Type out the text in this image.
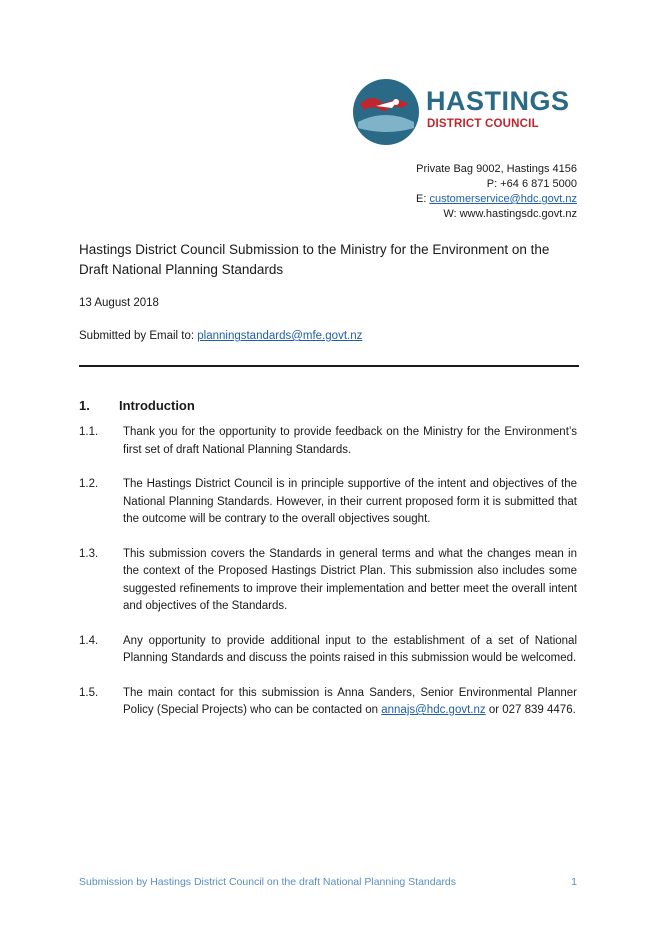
HASTINGS
DISTRICT COUNCIL
Private Bag 9002, Hastings 4156
P: +64 6 871 5000
E: customerservice@hdc.govt.nz
W: www.hastingsdc.govt.nz
Hastings District Council Submission to the Ministry for the Environment on the Draft National Planning Standards
13 August 2018
Submitted by Email to: planningstandards@mfe.govt.nz
1. Introduction
1.1.	Thank you for the opportunity to provide feedback on the Ministry for the Environment’s first set of draft National Planning Standards.
1.2.	The Hastings District Council is in principle supportive of the intent and objectives of the National Planning Standards. However, in their current proposed form it is submitted that the outcome will be contrary to the overall objectives sought.
1.3.	This submission covers the Standards in general terms and what the changes mean in the context of the Proposed Hastings District Plan. This submission also includes some suggested refinements to improve their implementation and better meet the overall intent and objectives of the Standards.
1.4.	Any opportunity to provide additional input to the establishment of a set of National Planning Standards and discuss the points raised in this submission would be welcomed.
1.5.	The main contact for this submission is Anna Sanders, Senior Environmental Planner Policy (Special Projects) who can be contacted on annajs@hdc.govt.nz or 027 839 4476.
Submission by Hastings District Council on the draft National Planning Standards	1
